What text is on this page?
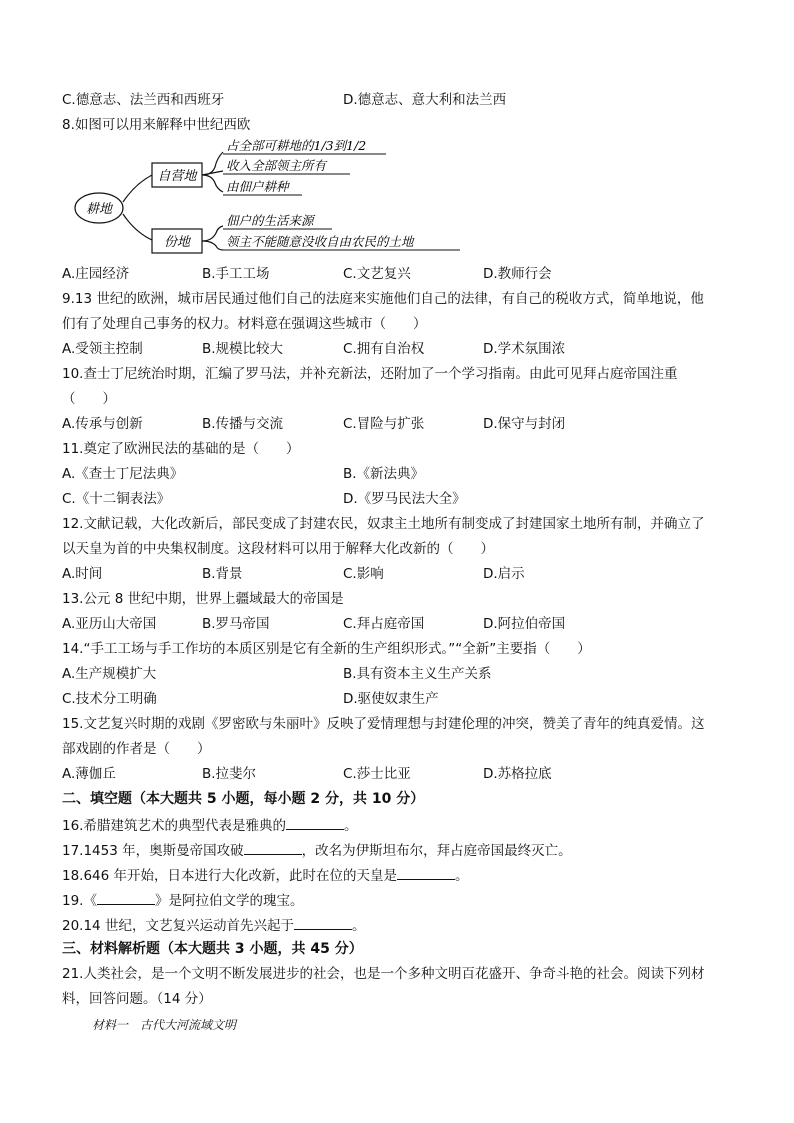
C.德意志、法兰西和西班牙	D.德意志、意大利和法兰西
8.如图可以用来解释中世纪西欧
耕地
自营地
占全部可耕地的1/3到1/2
收入全部领主所有
由佃户耕种
份地
佃户的生活来源
领主不能随意没收自由农民的土地
A.庄园经济	B.手工工场	C.文艺复兴	D.教师行会
9.13 世纪的欧洲，城市居民通过他们自己的法庭来实施他们自己的法律，有自己的税收方式，简单地说，他
们有了处理自己事务的权力。材料意在强调这些城市（　　）
A.受领主控制	B.规模比较大	C.拥有自治权	D.学术氛围浓
10.查士丁尼统治时期，汇编了罗马法，并补充新法，还附加了一个学习指南。由此可见拜占庭帝国注重
（　　）
A.传承与创新	B.传播与交流	C.冒险与扩张	D.保守与封闭
11.奠定了欧洲民法的基础的是（　　）
A.《查士丁尼法典》	B.《新法典》
C.《十二铜表法》	D.《罗马民法大全》
12.文献记载，大化改新后，部民变成了封建农民，奴隶主土地所有制变成了封建国家土地所有制，并确立了
以天皇为首的中央集权制度。这段材料可以用于解释大化改新的（　　）
A.时间	B.背景	C.影响	D.启示
13.公元 8 世纪中期，世界上疆域最大的帝国是
A.亚历山大帝国	B.罗马帝国	C.拜占庭帝国	D.阿拉伯帝国
14.“手工工场与手工作坊的本质区别是它有全新的生产组织形式。”“全新”主要指（　　）
A.生产规模扩大	B.具有资本主义生产关系
C.技术分工明确	D.驱使奴隶生产
15.文艺复兴时期的戏剧《罗密欧与朱丽叶》反映了爱情理想与封建伦理的冲突，赞美了青年的纯真爱情。这
部戏剧的作者是（　　）
A.薄伽丘	B.拉斐尔	C.莎士比亚	D.苏格拉底
二、填空题（本大题共 5 小题，每小题 2 分，共 10 分）
16.希腊建筑艺术的典型代表是雅典的	。
17.1453 年，奥斯曼帝国攻破	，改名为伊斯坦布尔，拜占庭帝国最终灭亡。
18.646 年开始，日本进行大化改新，此时在位的天皇是	。
19.《	》是阿拉伯文学的瑰宝。
20.14 世纪，文艺复兴运动首先兴起于	。
三、材料解析题（本大题共 3 小题，共 45 分）
21.人类社会，是一个文明不断发展进步的社会，也是一个多种文明百花盛开、争奇斗艳的社会。阅读下列材
料，回答问题。（14 分）
材料一　古代大河流域文明
